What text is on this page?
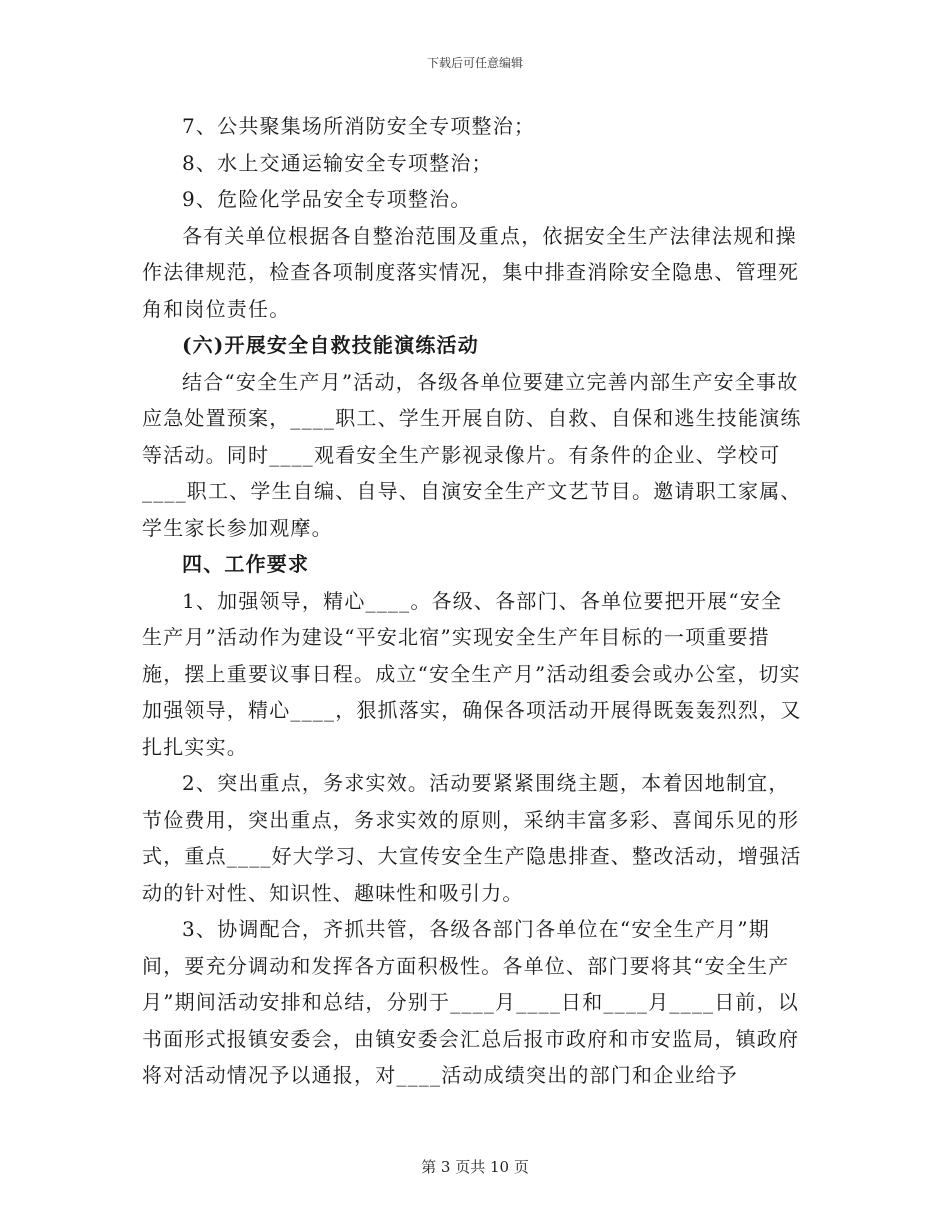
下载后可任意编辑

7、公共聚集场所消防安全专项整治；

8、水上交通运输安全专项整治；

9、危险化学品安全专项整治。

各有关单位根据各自整治范围及重点，依据安全生产法律法规和操作法律规范，检查各项制度落实情况，集中排查消除安全隐患、管理死角和岗位责任。

(六)开展安全自救技能演练活动

结合“安全生产月”活动，各级各单位要建立完善内部生产安全事故应急处置预案，____职工、学生开展自防、自救、自保和逃生技能演练等活动。同时____观看安全生产影视录像片。有条件的企业、学校可____职工、学生自编、自导、自演安全生产文艺节目。邀请职工家属、学生家长参加观摩。

四、工作要求

1、加强领导，精心____。各级、各部门、各单位要把开展“安全生产月”活动作为建设“平安北宿”实现安全生产年目标的一项重要措施，摆上重要议事日程。成立“安全生产月”活动组委会或办公室，切实加强领导，精心____，狠抓落实，确保各项活动开展得既轰轰烈烈，又扎扎实实。

2、突出重点，务求实效。活动要紧紧围绕主题，本着因地制宜，节俭费用，突出重点，务求实效的原则，采纳丰富多彩、喜闻乐见的形式，重点____好大学习、大宣传安全生产隐患排查、整改活动，增强活动的针对性、知识性、趣味性和吸引力。

3、协调配合，齐抓共管，各级各部门各单位在“安全生产月”期间，要充分调动和发挥各方面积极性。各单位、部门要将其“安全生产月”期间活动安排和总结，分别于____月____日和____月____日前，以书面形式报镇安委会，由镇安委会汇总后报市政府和市安监局，镇政府将对活动情况予以通报，对____活动成绩突出的部门和企业给予

第 3 页共 10 页
